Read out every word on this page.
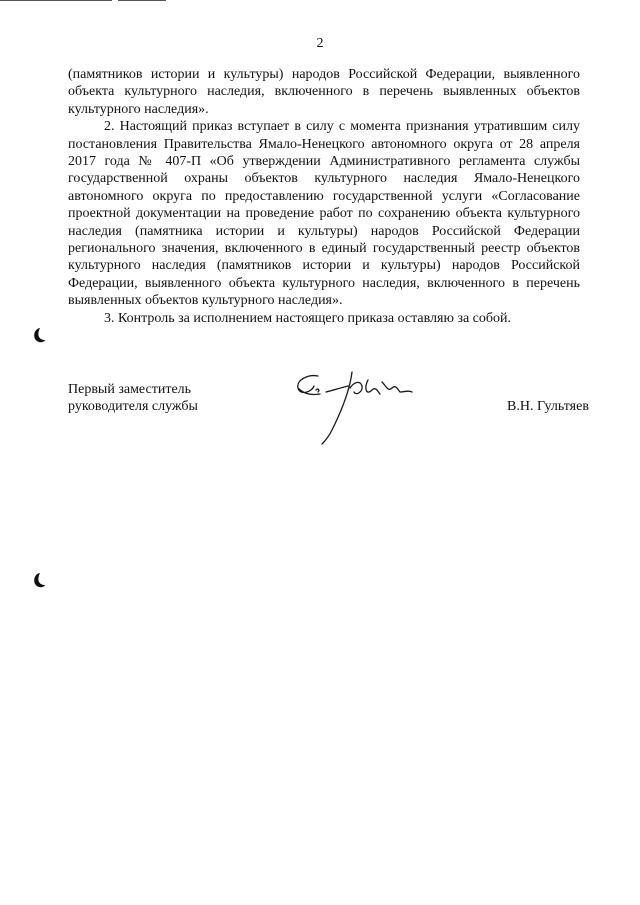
2

(памятников истории и культуры) народов Российской Федерации, выявленного объекта культурного наследия, включенного в перечень выявленных объектов культурного наследия».

2. Настоящий приказ вступает в силу с момента признания утратившим силу постановления Правительства Ямало-Ненецкого автономного округа от 28 апреля 2017 года № 407-П «Об утверждении Административного регламента службы государственной охраны объектов культурного наследия Ямало-Ненецкого автономного округа по предоставлению государственной услуги «Согласование проектной документации на проведение работ по сохранению объекта культурного наследия (памятника истории и культуры) народов Российской Федерации регионального значения, включенного в единый государственный реестр объектов культурного наследия (памятников истории и культуры) народов Российской Федерации, выявленного объекта культурного наследия, включенного в перечень выявленных объектов культурного наследия».

3. Контроль за исполнением настоящего приказа оставляю за собой.

Первый заместитель
руководителя службы	В.Н. Гультяев
